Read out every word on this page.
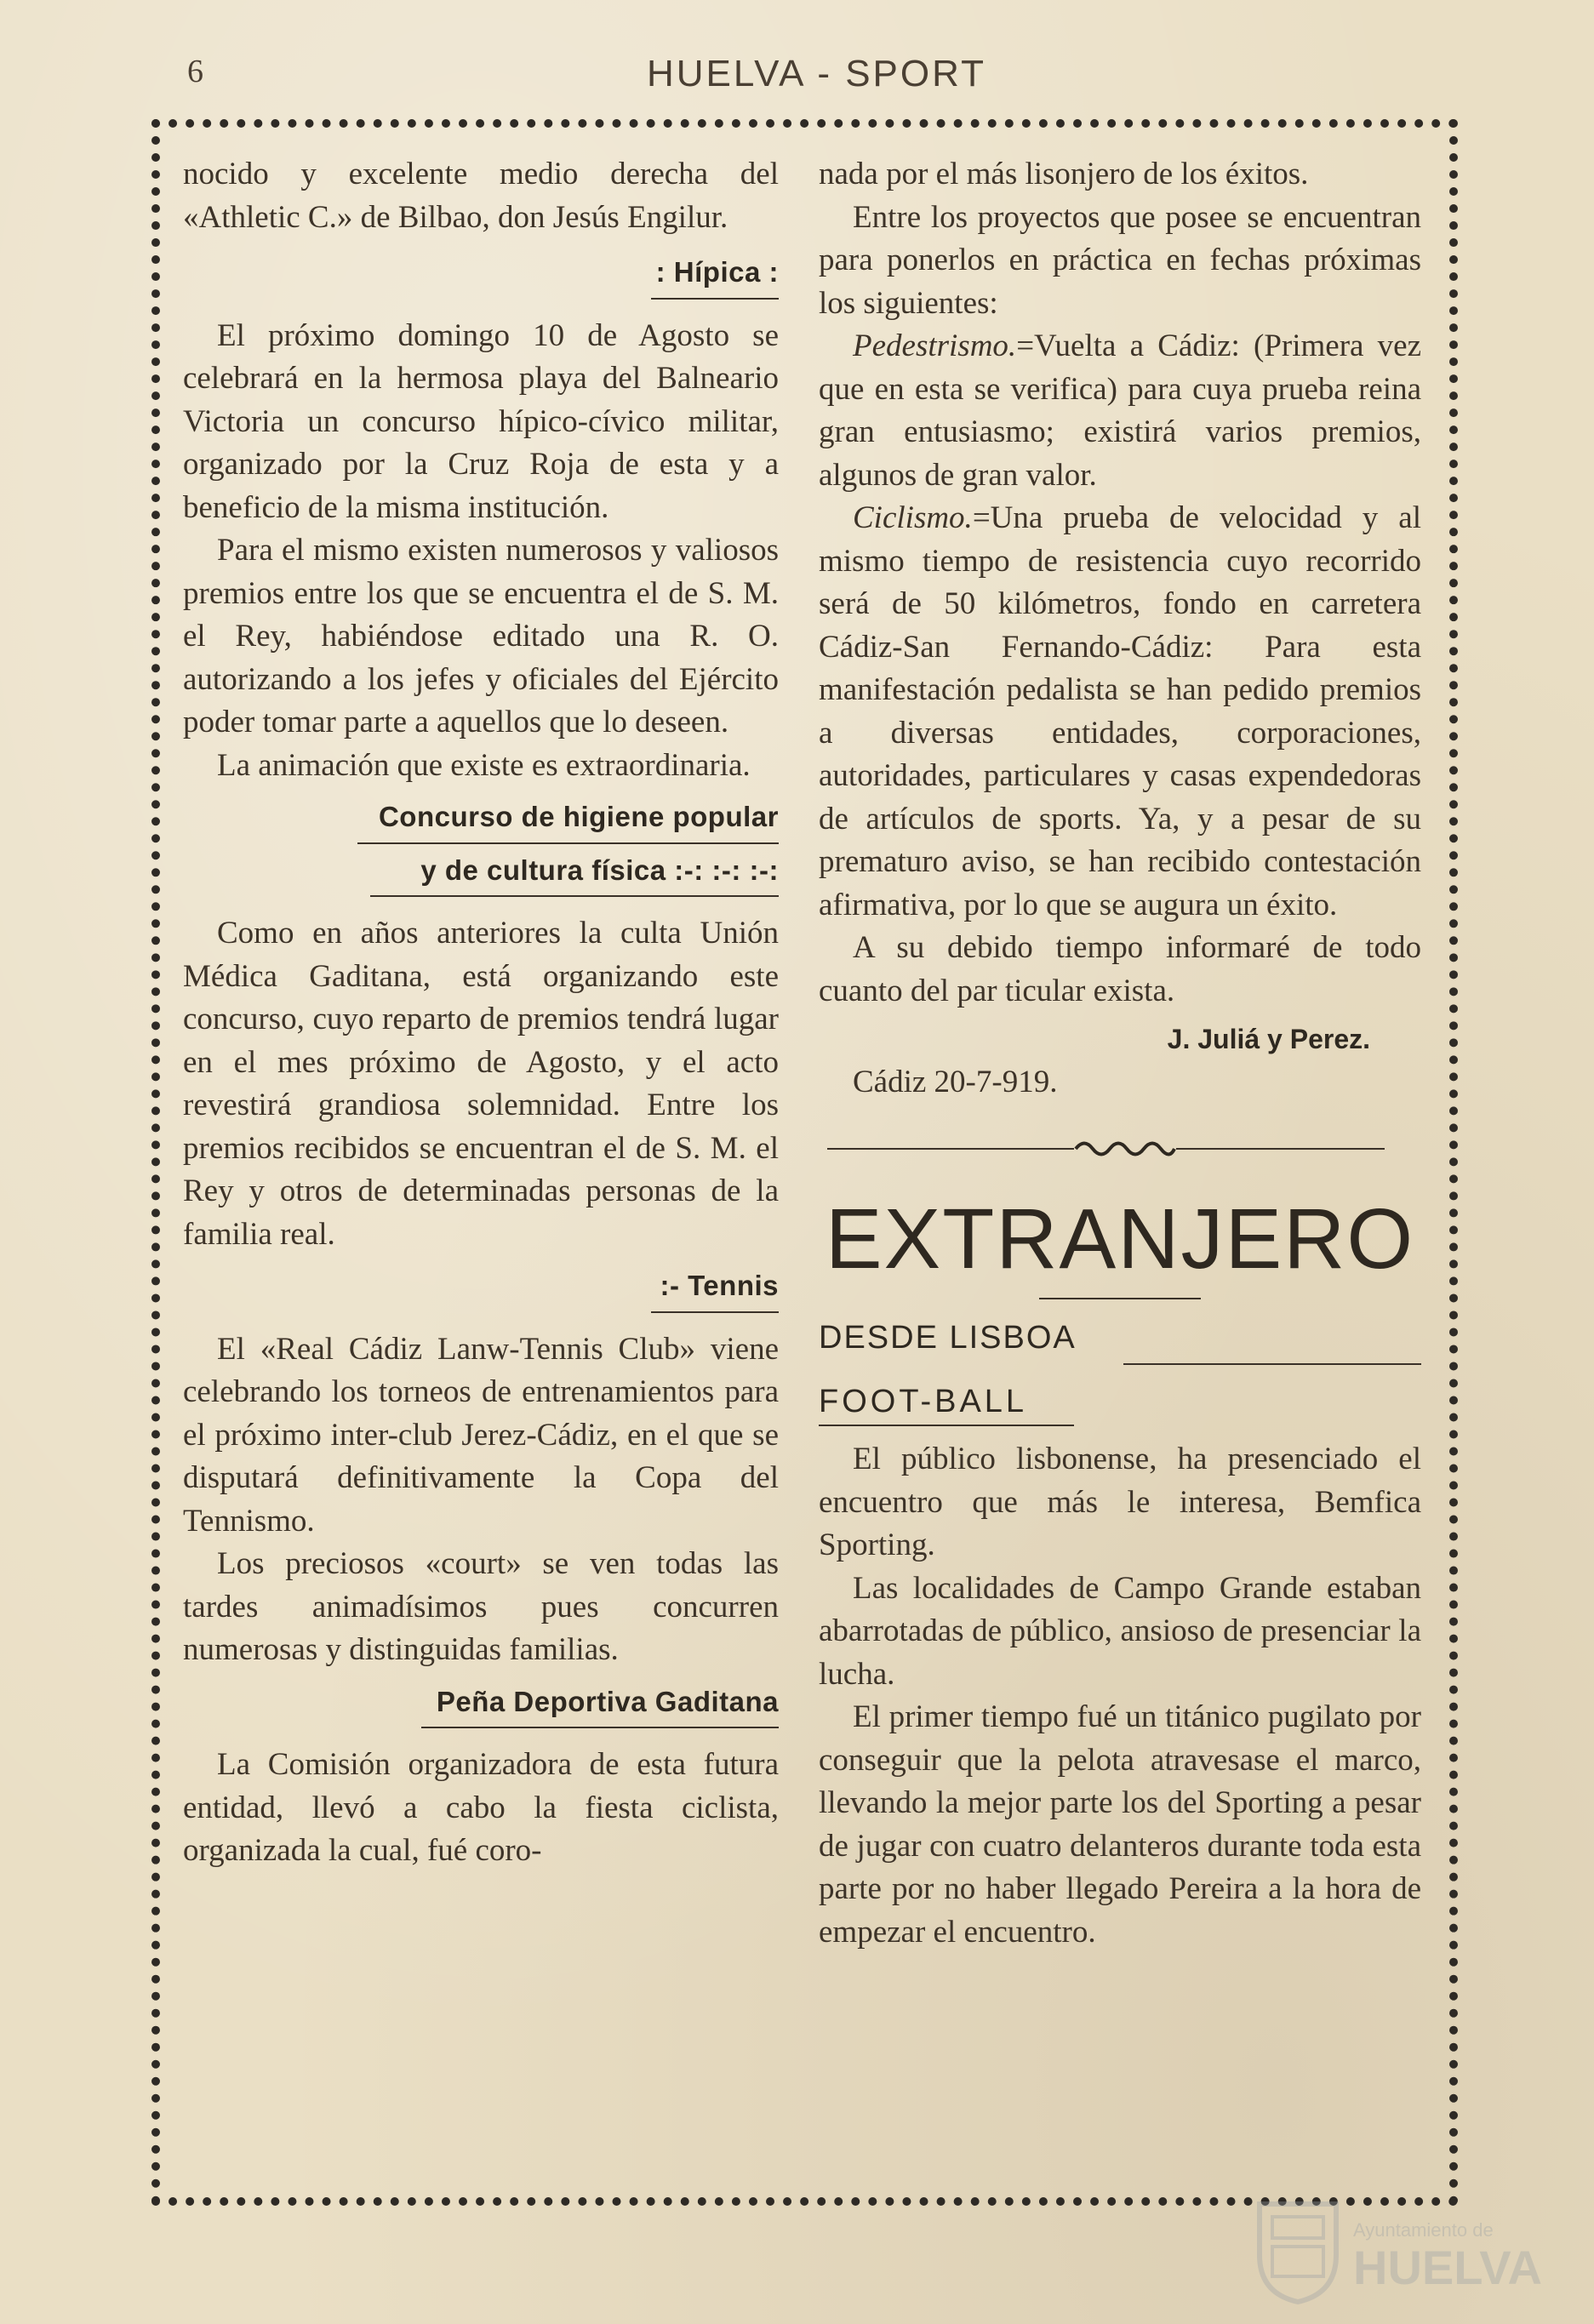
6	HUELVA - SPORT

nocido y excelente medio derecha del «Athletic C.» de Bilbao, don Jesús Engilur.

: Hípica :

El próximo domingo 10 de Agosto se celebrará en la hermosa playa del Balneario Victoria un concurso hípico-cívico militar, organizado por la Cruz Roja de esta y a beneficio de la misma institución.

Para el mismo existen numerosos y valiosos premios entre los que se encuentra el de S. M. el Rey, habiéndose editado una R. O. autorizando a los jefes y oficiales del Ejército poder tomar parte a aquellos que lo deseen.

La animación que existe es extraordinaria.

Concurso de higiene popular
y de cultura física :-: :-: :-:

Como en años anteriores la culta Unión Médica Gaditana, está organizando este concurso, cuyo reparto de premios tendrá lugar en el mes próximo de Agosto, y el acto revestirá grandiosa solemnidad. Entre los premios recibidos se encuentran el de S. M. el Rey y otros de determinadas personas de la familia real.

:- Tennis

El «Real Cádiz Lanw-Tennis Club» viene celebrando los torneos de entrenamientos para el próximo inter-club Jerez-Cádiz, en el que se disputará definitivamente la Copa del Tennismo.

Los preciosos «court» se ven todas las tardes animadísimos pues concurren numerosas y distinguidas familias.

Peña Deportiva Gaditana

La Comisión organizadora de esta futura entidad, llevó a cabo la fiesta ciclista, organizada la cual, fué coro-

nada por el más lisonjero de los éxitos.

Entre los proyectos que posee se encuentran para ponerlos en práctica en fechas próximas los siguientes:

Pedestrismo.=Vuelta a Cádiz: (Primera vez que en esta se verifica) para cuya prueba reina gran entusiasmo; existirá varios premios, algunos de gran valor.

Ciclismo.=Una prueba de velocidad y al mismo tiempo de resistencia cuyo recorrido será de 50 kilómetros, fondo en carretera Cádiz-San Fernando-Cádiz: Para esta manifestación pedalista se han pedido premios a diversas entidades, corporaciones, autoridades, particulares y casas expendedoras de artículos de sports. Ya, y a pesar de su prematuro aviso, se han recibido contestación afirmativa, por lo que se augura un éxito.

A su debido tiempo informaré de todo cuanto del par ticular exista.

J. Juliá y Perez.

Cádiz 20-7-919.

EXTRANJERO

DESDE LISBOA

FOOT-BALL

El público lisbonense, ha presenciado el encuentro que más le interesa, Bemfica Sporting.

Las localidades de Campo Grande estaban abarrotadas de público, ansioso de presenciar la lucha.

El primer tiempo fué un titánico pugilato por conseguir que la pelota atravesase el marco, llevando la mejor parte los del Sporting a pesar de jugar con cuatro delanteros durante toda esta parte por no haber llegado Pereira a la hora de empezar el encuentro.

Ayuntamiento de
HUELVA
